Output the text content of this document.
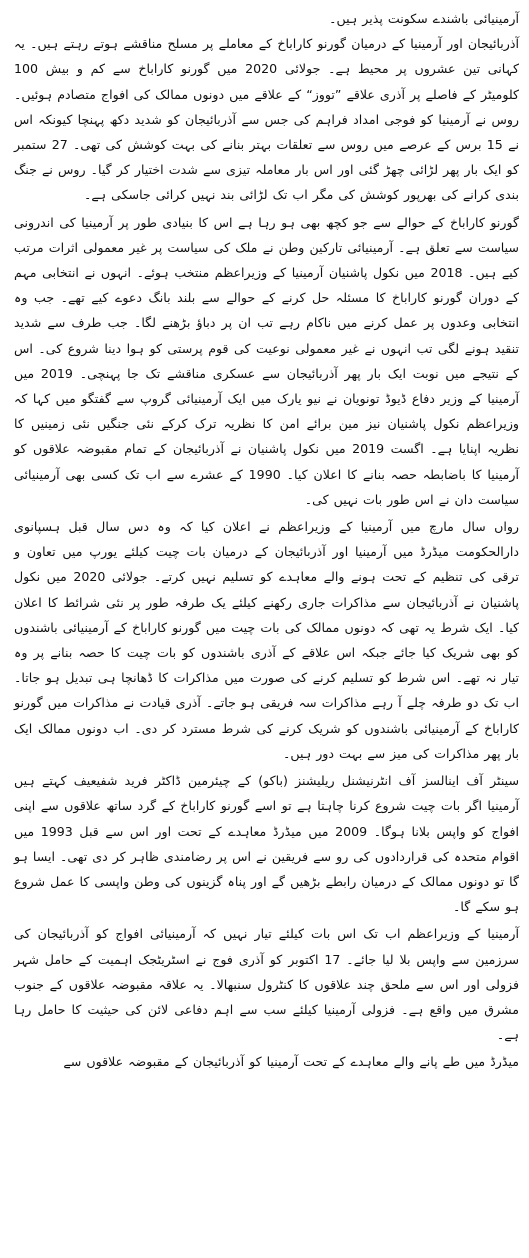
آرمینیائی باشندے سکونت پذیر ہیں۔

آذربائیجان اور آرمینیا کے درمیان گورنو کاراباخ کے معاملے پر مسلح مناقشے ہوتے رہتے ہیں۔ یہ کہانی تین عشروں پر محیط ہے۔ جولائی 2020 میں گورنو کاراباخ سے کم و بیش 100 کلومیٹر کے فاصلے پر آذری علاقے ”تووز“ کے علاقے میں دونوں ممالک کی افواج متصادم ہوئیں۔ روس نے آرمینیا کو فوجی امداد فراہم کی جس سے آذربائیجان کو شدید دکھ پہنچا کیونکہ اس نے 15 برس کے عرصے میں روس سے تعلقات بہتر بنانے کی بہت کوشش کی تھی۔ 27 ستمبر کو ایک بار پھر لڑائی چھڑ گئی اور اس بار معاملہ تیزی سے شدت اختیار کر گیا۔ روس نے جنگ بندی کرانے کی بھرپور کوشش کی مگر اب تک لڑائی بند نہیں کرائی جاسکی ہے۔

گورنو کاراباخ کے حوالے سے جو کچھ بھی ہو رہا ہے اس کا بنیادی طور پر آرمینیا کی اندرونی سیاست سے تعلق ہے۔ آرمینیائی تارکین وطن نے ملک کی سیاست پر غیر معمولی اثرات مرتب کیے ہیں۔ 2018 میں نکول پاشنیان آرمینیا کے وزیراعظم منتخب ہوئے۔ انہوں نے انتخابی مہم کے دوران گورنو کاراباخ کا مسئلہ حل کرنے کے حوالے سے بلند بانگ دعوے کیے تھے۔ جب وہ انتخابی وعدوں پر عمل کرنے میں ناکام رہے تب ان پر دباؤ بڑھنے لگا۔ جب طرف سے شدید تنقید ہونے لگی تب انہوں نے غیر معمولی نوعیت کی قوم پرستی کو ہوا دینا شروع کی۔ اس کے نتیجے میں نوبت ایک بار پھر آذربائیجان سے عسکری مناقشے تک جا پہنچی۔ 2019 میں آرمینیا کے وزیر دفاع ڈیوڈ تونویان نے نیو یارک میں ایک آرمینیائی گروپ سے گفتگو میں کہا کہ وزیراعظم نکول پاشنیان نیز مین برائے امن کا نظریہ ترک کرکے نئی جنگیں نئی زمینیں کا نظریہ اپنایا ہے۔ اگست 2019 میں نکول پاشنیان نے آذربائیجان کے تمام مقبوضہ علاقوں کو آرمینیا کا باضابطہ حصہ بنانے کا اعلان کیا۔ 1990 کے عشرے سے اب تک کسی بھی آرمینیائی سیاست دان نے اس طور بات نہیں کی۔

رواں سال مارچ میں آرمینیا کے وزیراعظم نے اعلان کیا کہ وہ دس سال قبل ہسپانوی دارالحکومت میڈرڈ میں آرمینیا اور آذربائیجان کے درمیان بات چیت کیلئے یورپ میں تعاون و ترقی کی تنظیم کے تحت ہونے والے معاہدے کو تسلیم نہیں کرتے۔ جولائی 2020 میں نکول پاشنیان نے آذربائیجان سے مذاکرات جاری رکھنے کیلئے یک طرفہ طور پر نئی شرائط کا اعلان کیا۔ ایک شرط یہ تھی کہ دونوں ممالک کی بات چیت میں گورنو کاراباخ کے آرمینیائی باشندوں کو بھی شریک کیا جائے جبکہ اس علاقے کے آذری باشندوں کو بات چیت کا حصہ بنانے پر وہ تیار نہ تھے۔ اس شرط کو تسلیم کرنے کی صورت میں مذاکرات کا ڈھانچا ہی تبدیل ہو جاتا۔ اب تک دو طرفہ چلے آ رہے مذاکرات سہ فریقی ہو جاتے۔ آذری قیادت نے مذاکرات میں گورنو کاراباخ کے آرمینیائی باشندوں کو شریک کرنے کی شرط مسترد کر دی۔ اب دونوں ممالک ایک بار پھر مذاکرات کی میز سے بہت دور ہیں۔

سینٹر آف اینالسز آف انٹرنیشنل ریلیشنز (باکو) کے چیئرمین ڈاکٹر فرید شفیعیف کہتے ہیں آرمینیا اگر بات چیت شروع کرنا چاہتا ہے تو اسے گورنو کاراباخ کے گرد ساتھ علاقوں سے اپنی افواج کو واپس بلانا ہوگا۔ 2009 میں میڈرڈ معاہدے کے تحت اور اس سے قبل 1993 میں اقوام متحدہ کی قراردادوں کی رو سے فریقین نے اس پر رضامندی ظاہر کر دی تھی۔ ایسا ہو گا تو دونوں ممالک کے درمیان رابطے بڑھیں گے اور پناہ گزینوں کی وطن واپسی کا عمل شروع ہو سکے گا۔

آرمینیا کے وزیراعظم اب تک اس بات کیلئے تیار نہیں کہ آرمینیائی افواج کو آذربائیجان کی سرزمین سے واپس بلا لیا جائے۔ 17 اکتوبر کو آذری فوج نے اسٹریٹجک اہمیت کے حامل شہر فزولی اور اس سے ملحق چند علاقوں کا کنٹرول سنبھالا۔ یہ علاقہ مقبوضہ علاقوں کے جنوب مشرق میں واقع ہے۔ فزولی آرمینیا کیلئے سب سے اہم دفاعی لائن کی حیثیت کا حامل رہا ہے۔

میڈرڈ میں طے پانے والے معاہدے کے تحت آرمینیا کو آذربائیجان کے مقبوضہ علاقوں سے
